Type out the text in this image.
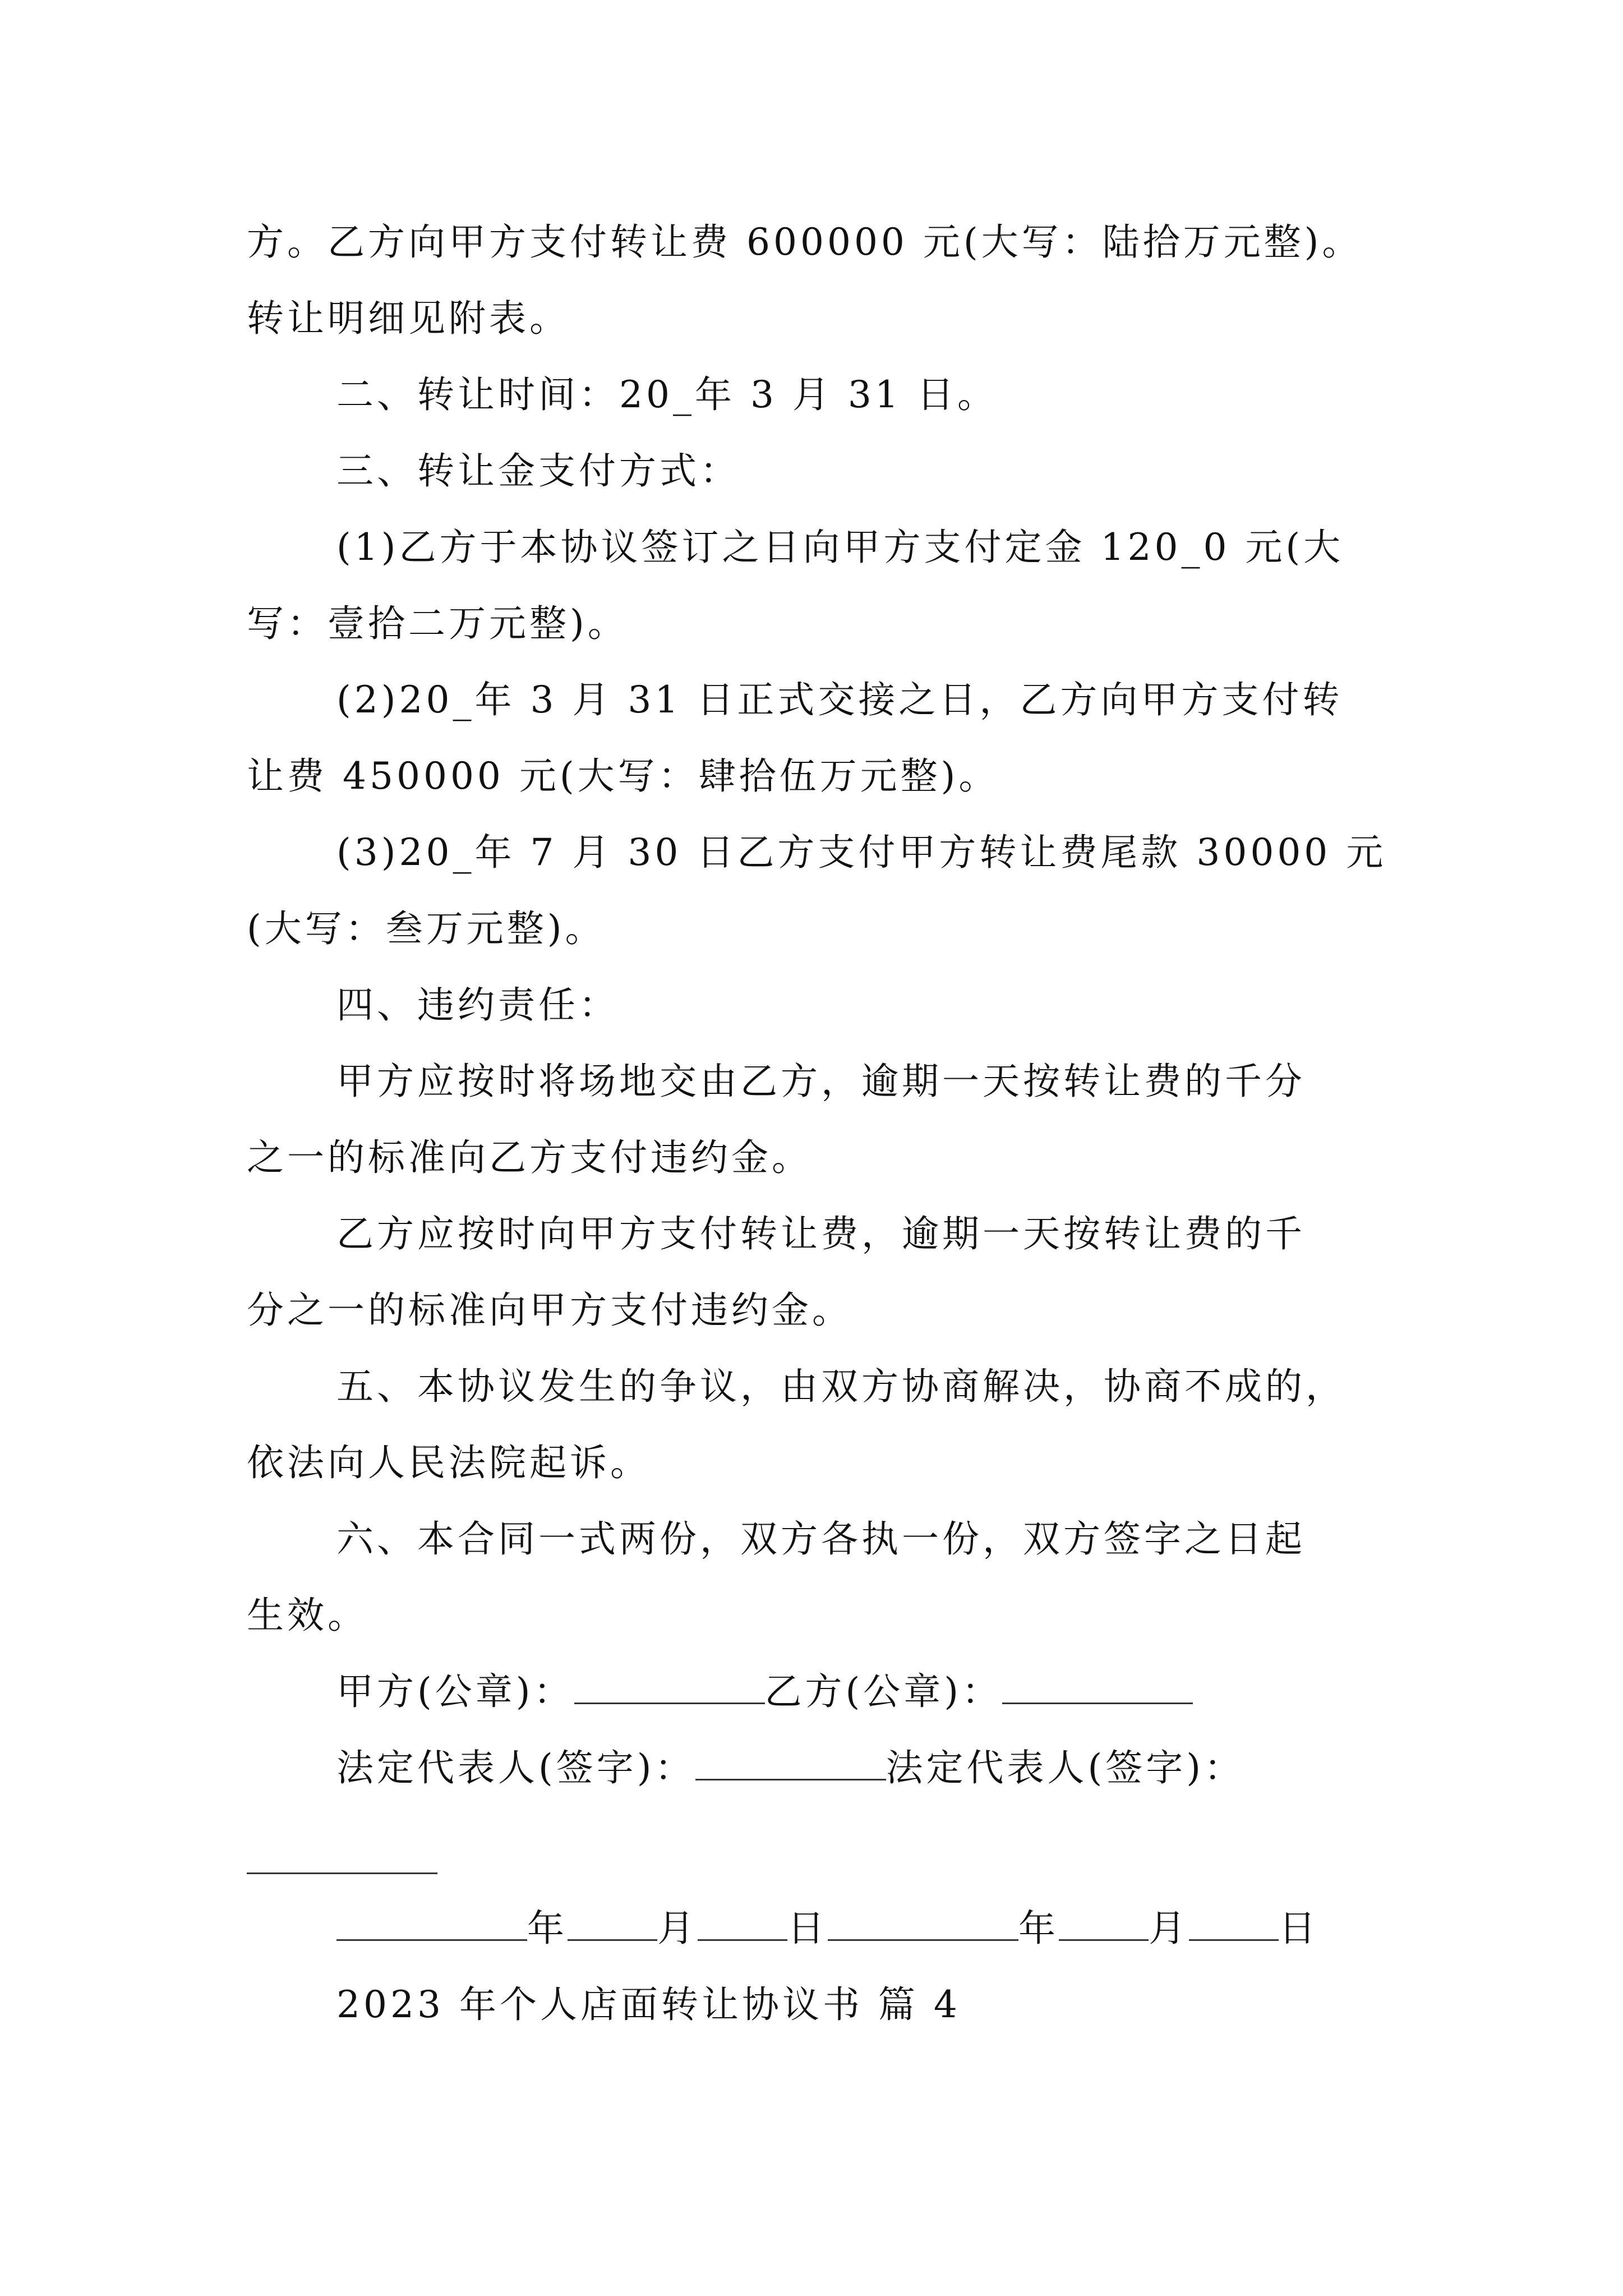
方。乙方向甲方支付转让费 600000 元(大写：陆拾万元整)。
转让明细见附表。
二、转让时间：20_年 3 月 31 日。
三、转让金支付方式：
(1)乙方于本协议签订之日向甲方支付定金 120_0 元(大
写：壹拾二万元整)。
(2)20_年 3 月 31 日正式交接之日，乙方向甲方支付转
让费 450000 元(大写：肆拾伍万元整)。
(3)20_年 7 月 30 日乙方支付甲方转让费尾款 30000 元
(大写：叁万元整)。
四、违约责任：
甲方应按时将场地交由乙方，逾期一天按转让费的千分
之一的标准向乙方支付违约金。
乙方应按时向甲方支付转让费，逾期一天按转让费的千
分之一的标准向甲方支付违约金。
五、本协议发生的争议，由双方协商解决，协商不成的，
依法向人民法院起诉。
六、本合同一式两份，双方各执一份，双方签字之日起
生效。
甲方(公章)：	乙方(公章)：
法定代表人(签字)：	法定代表人(签字)：
年 月 日	年 月 日
2023 年个人店面转让协议书 篇 4
